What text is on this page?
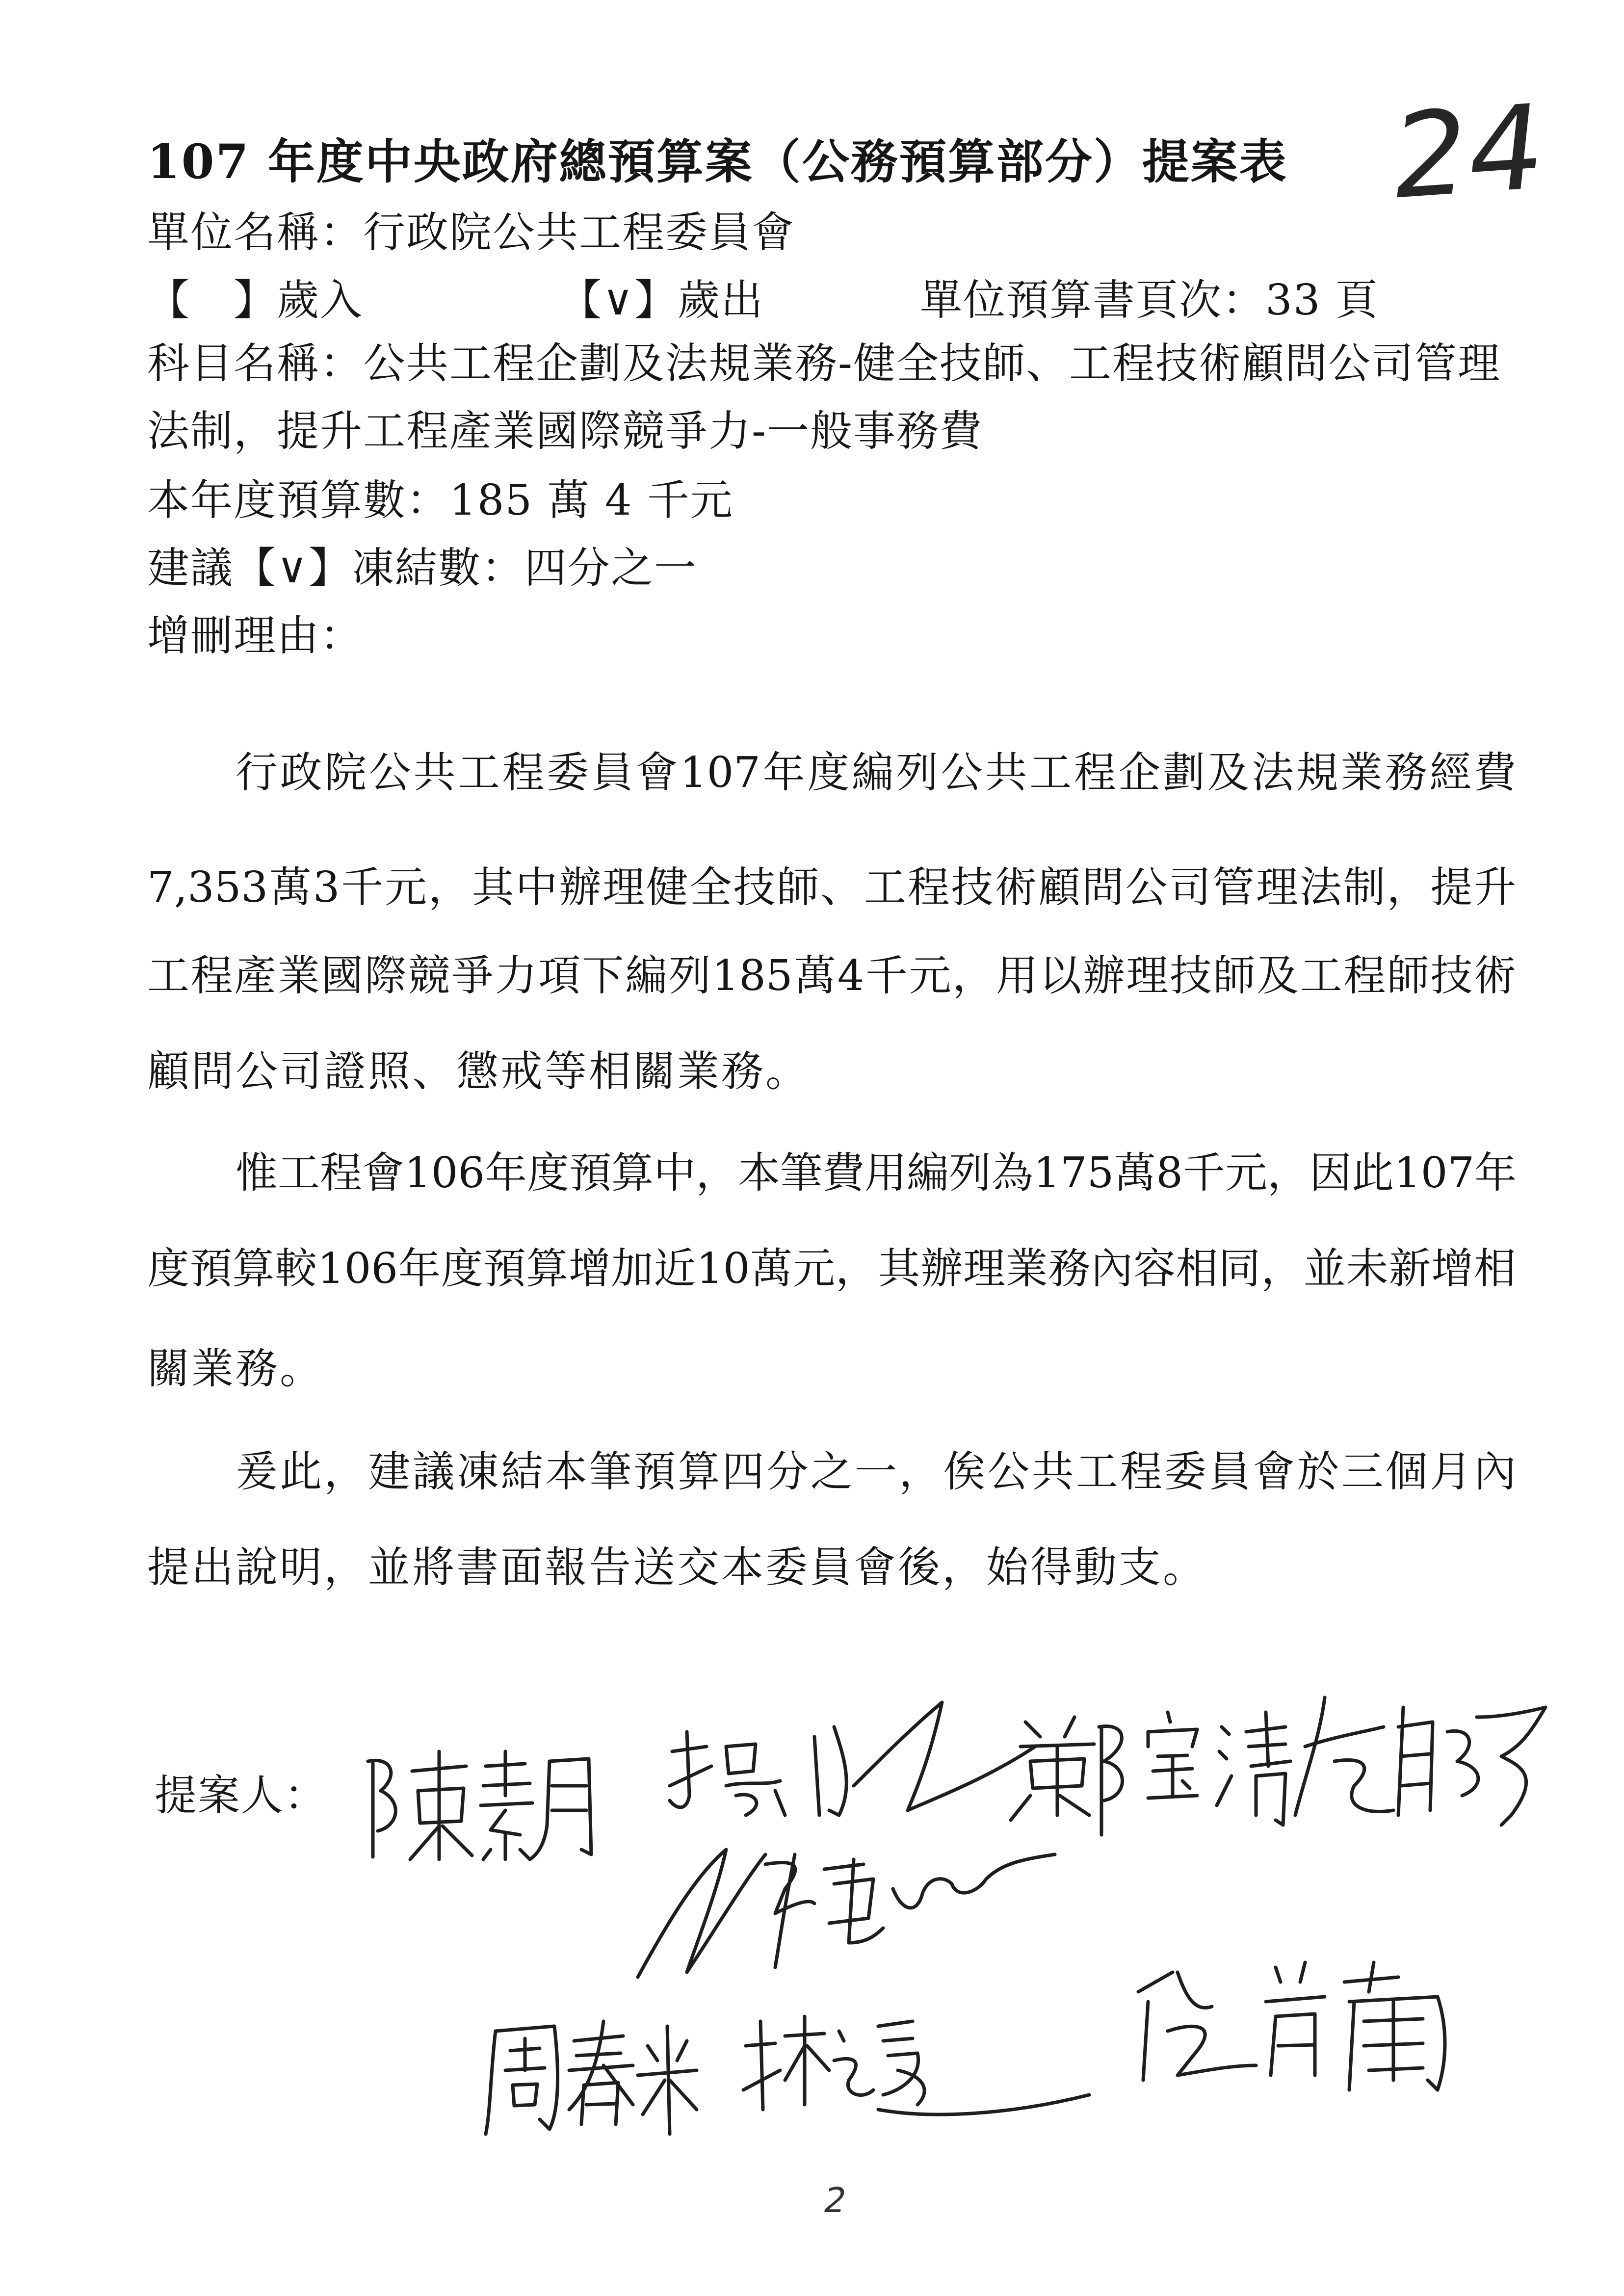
107 年度中央政府總預算案（公務預算部分）提案表 24
單位名稱：行政院公共工程委員會
【　】歲入	【∨】歲出	單位預算書頁次：33 頁
科目名稱：公共工程企劃及法規業務-健全技師、工程技術顧問公司管理
法制，提升工程產業國際競爭力-一般事務費
本年度預算數：185 萬 4 千元
建議【∨】凍結數：四分之一
增刪理由：
行政院公共工程委員會107年度編列公共工程企劃及法規業務經費
7,353萬3千元，其中辦理健全技師、工程技術顧問公司管理法制，提升
工程產業國際競爭力項下編列185萬4千元，用以辦理技師及工程師技術
顧問公司證照、懲戒等相關業務。
惟工程會106年度預算中，本筆費用編列為175萬8千元，因此107年
度預算較106年度預算增加近10萬元，其辦理業務內容相同，並未新增相
關業務。
爰此，建議凍結本筆預算四分之一，俟公共工程委員會於三個月內
提出說明，並將書面報告送交本委員會後，始得動支。
提案人：
2
